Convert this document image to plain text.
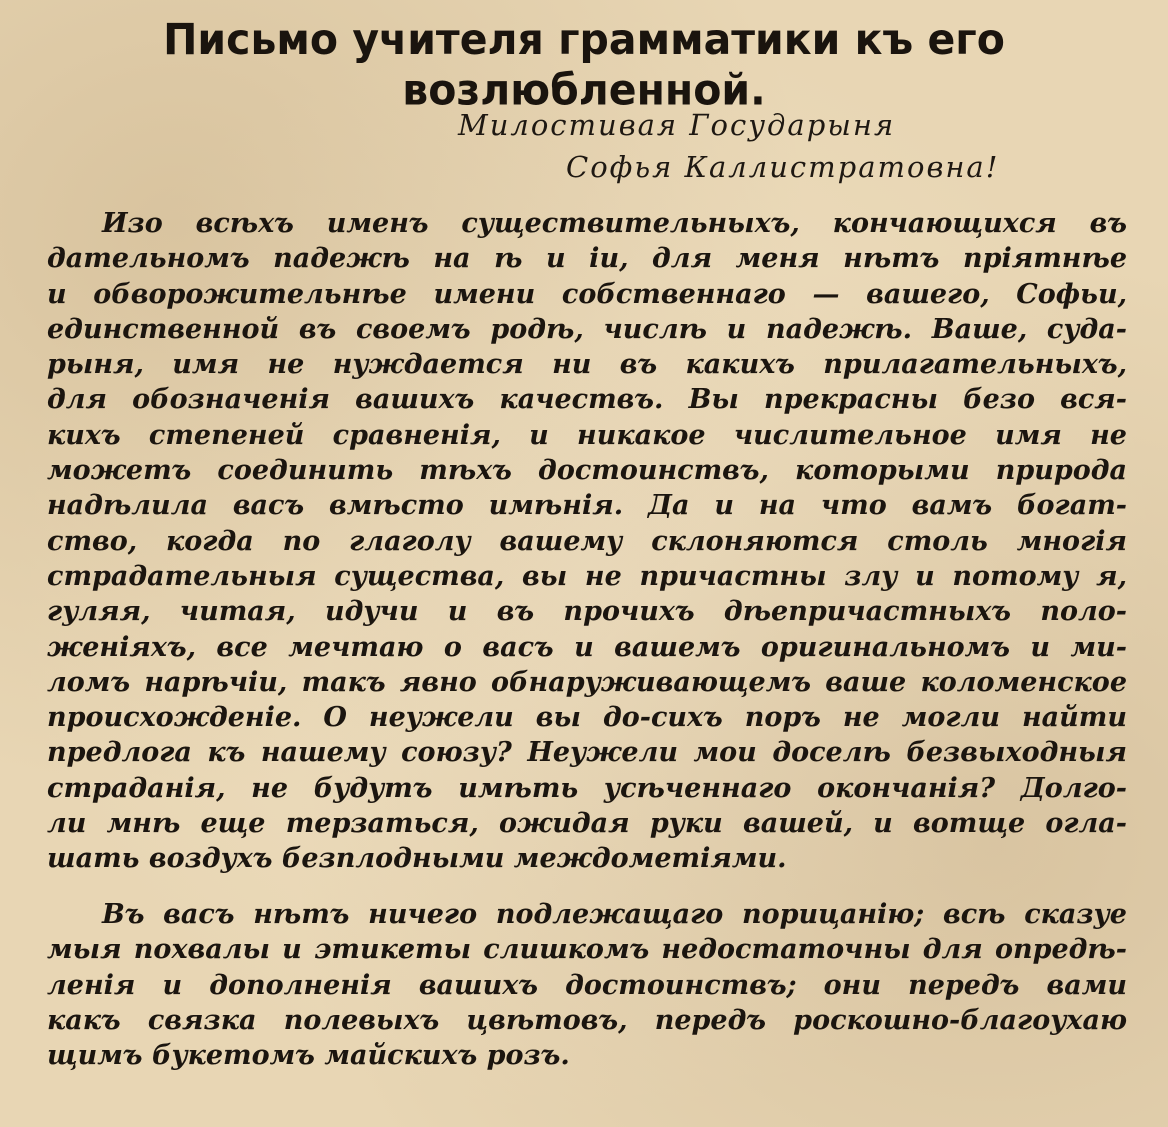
Письмо учителя грамматики къ его возлюбленной.
Милостивая Государыня
Софья Каллистратовна!
Изо всѣхъ именъ существительныхъ, кончающихся въ
дательномъ падежѣ на ѣ и іи, для меня нѣтъ пріятнѣе
и обворожительнѣе имени собственнаго — вашего, Софьи,
единственной въ своемъ родѣ, числѣ и падежѣ. Ваше, суда-
рыня, имя не нуждается ни въ какихъ прилагательныхъ,
для обозначенія вашихъ качествъ. Вы прекрасны безо вся-
кихъ степеней сравненія, и никакое числительное имя не
можетъ соединить тѣхъ достоинствъ, которыми природа
надѣлила васъ вмѣсто имѣнія. Да и на что вамъ богат-
ство, когда по глаголу вашему склоняются столь многія
страдательныя существа, вы не причастны злу и потому я,
гуляя, читая, идучи и въ прочихъ дѣепричастныхъ поло-
женіяхъ, все мечтаю о васъ и вашемъ оригинальномъ и ми-
ломъ нарѣчіи, такъ явно обнаруживающемъ ваше коломенское
происхожденіе. О неужели вы до-сихъ поръ не могли найти
предлога къ нашему союзу? Неужели мои доселѣ безвыходныя
страданія, не будутъ имѣть усѣченнаго окончанія? Долго-
ли мнѣ еще терзаться, ожидая руки вашей, и вотще огла-
шать воздухъ безплодными междометіями.
Въ васъ нѣтъ ничего подлежащаго порицанію; всѣ сказуе
мыя похвалы и этикеты слишкомъ недостаточны для опредѣ-
ленія и дополненія вашихъ достоинствъ; они передъ вами
какъ связка полевыхъ цвѣтовъ, передъ роскошно-благоухаю
щимъ букетомъ майскихъ розъ.
